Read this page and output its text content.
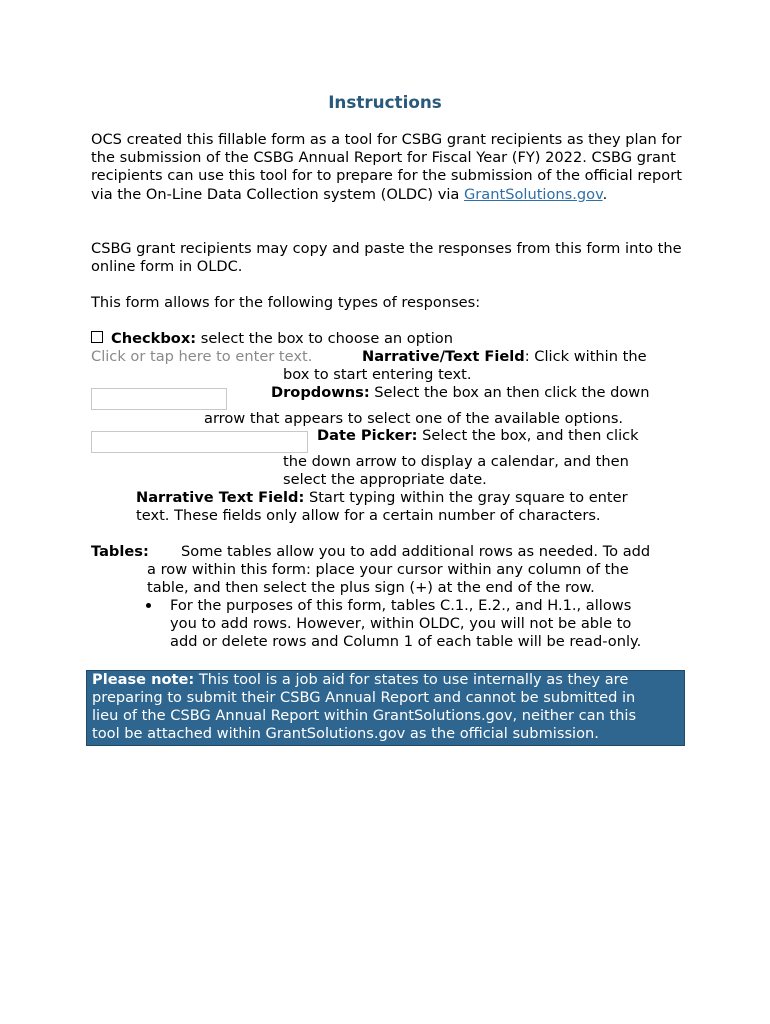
Instructions

OCS created this fillable form as a tool for CSBG grant recipients as they plan for the submission of the CSBG Annual Report for Fiscal Year (FY) 2022. CSBG grant recipients can use this tool for to prepare for the submission of the official report via the On-Line Data Collection system (OLDC) via GrantSolutions.gov.

CSBG grant recipients may copy and paste the responses from this form into the online form in OLDC.

This form allows for the following types of responses:

Checkbox: select the box to choose an option
Click or tap here to enter text.	Narrative/Text Field: Click within the
box to start entering text.
Dropdowns: Select the box an then click the down
arrow that appears to select one of the available options.
Date Picker: Select the box, and then click
the down arrow to display a calendar, and then
select the appropriate date.
Narrative Text Field: Start typing within the gray square to enter
text. These fields only allow for a certain number of characters.
Tables: Some tables allow you to add additional rows as needed. To add
a row within this form: place your cursor within any column of the
table, and then select the plus sign (+) at the end of the row.
For the purposes of this form, tables C.1., E.2., and H.1., allows
you to add rows. However, within OLDC, you will not be able to
add or delete rows and Column 1 of each table will be read-only.
Please note: This tool is a job aid for states to use internally as they are
preparing to submit their CSBG Annual Report and cannot be submitted in
lieu of the CSBG Annual Report within GrantSolutions.gov, neither can this
tool be attached within GrantSolutions.gov as the official submission.
